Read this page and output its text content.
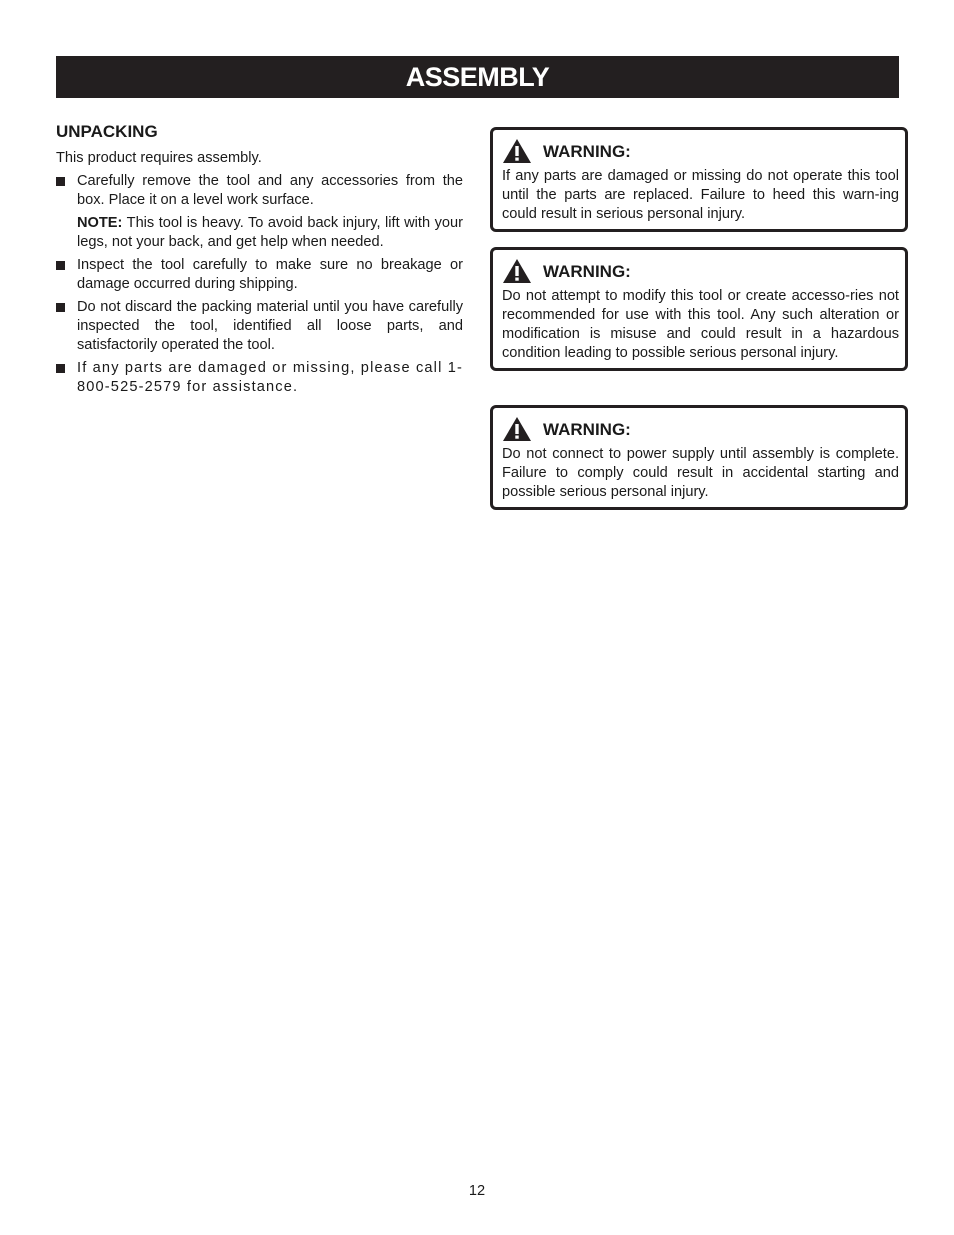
ASSEMBLY
UNPACKING

This product requires assembly.

Carefully remove the tool and any accessories from the box. Place it on a level work surface.
NOTE: This tool is heavy. To avoid back injury, lift with your legs, not your back, and get help when needed.
Inspect the tool carefully to make sure no breakage or damage occurred during shipping.
Do not discard the packing material until you have carefully inspected the tool, identified all loose parts, and satisfactorily operated the tool.
If any parts are damaged or missing, please call 1-800-525-2579 for assistance.
WARNING:
If any parts are damaged or missing do not operate this tool until the parts are replaced. Failure to heed this warn-ing could result in serious personal injury.
WARNING:
Do not attempt to modify this tool or create accesso-ries not recommended for use with this tool. Any such alteration or modification is misuse and could result in a hazardous condition leading to possible serious personal injury.
WARNING:
Do not connect to power supply until assembly is complete. Failure to comply could result in accidental starting and possible serious personal injury.
12
